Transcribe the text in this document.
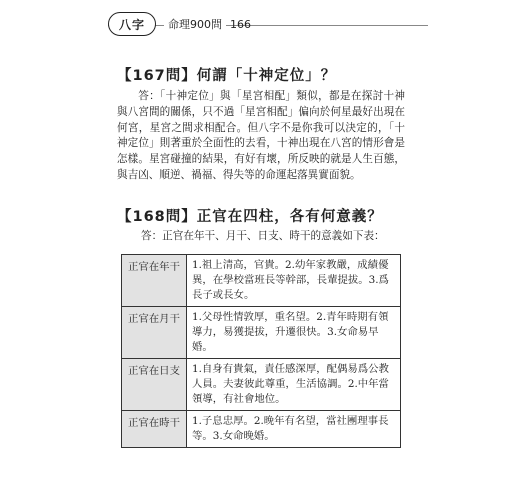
八字	命理900問 166
【167問】何謂「十神定位」？

答：「十神定位」與「星宮相配」類似，都是在探討十神與八宮間的關係，只不過「星宮相配」偏向於何星最好出現在何宮，星宮之間求相配合。但八字不是你我可以決定的，「十神定位」則著重於全面性的去看，十神出現在八宮的情形會是怎樣。星宮碰撞的結果，有好有壞，所反映的就是人生百態，與吉凶、順逆、禍福、得失等的命運起落異實面貌。

【168問】正官在四柱，各有何意義？
答：正官在年干、月干、日支、時干的意義如下表：
正官在年干	1.祖上清高，官貴。2.幼年家教嚴，成績優異，在學校當班長等幹部，長輩提拔。3.爲長子或長女。
正官在月干	1.父母性情敦厚，重名望。2.青年時期有領導力，易獲提拔，升遷很快。3.女命易早婚。
正官在日支	1.自身有貴氣，責任感深厚，配偶易爲公教人員。夫妻彼此尊重，生活協調。2.中年當領導，有社會地位。
正官在時干	1.子息忠厚。2.晚年有名望，當社團理事長等。3.女命晚婚。
